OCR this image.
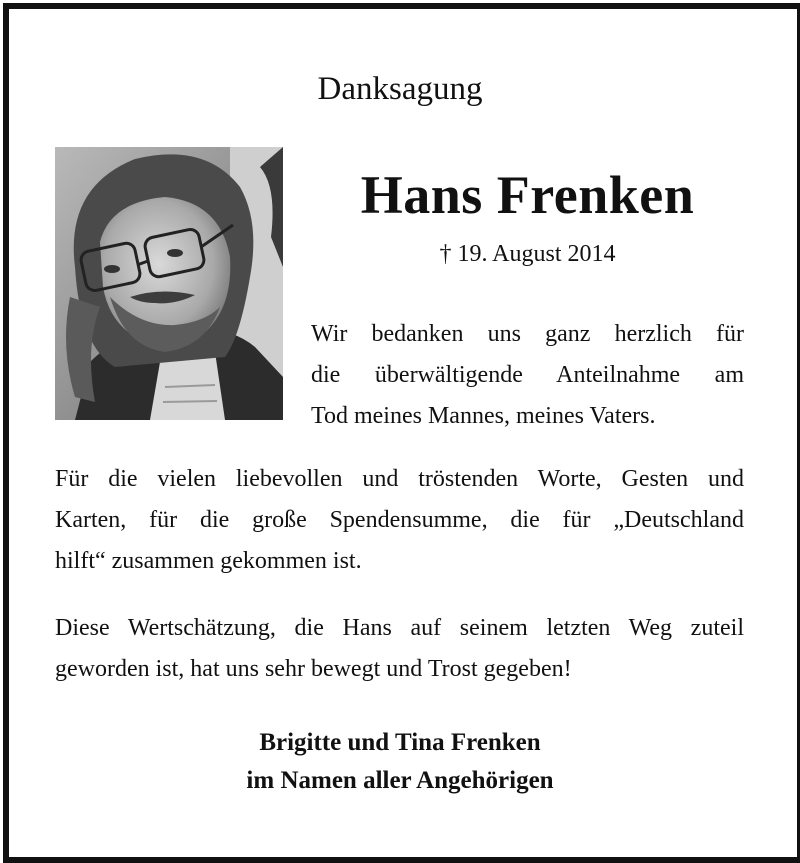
Danksagung
Hans Frenken
† 19. August 2014
Wir bedanken uns ganz herzlich für
die überwältigende Anteilnahme am
Tod meines Mannes, meines Vaters.
Für die vielen liebevollen und tröstenden Worte, Gesten und
Karten, für die große Spendensumme, die für „Deutschland
hilft“ zusammen gekommen ist.
Diese Wertschätzung, die Hans auf seinem letzten Weg zuteil
geworden ist, hat uns sehr bewegt und Trost gegeben!
Brigitte und Tina Frenken
im Namen aller Angehörigen
